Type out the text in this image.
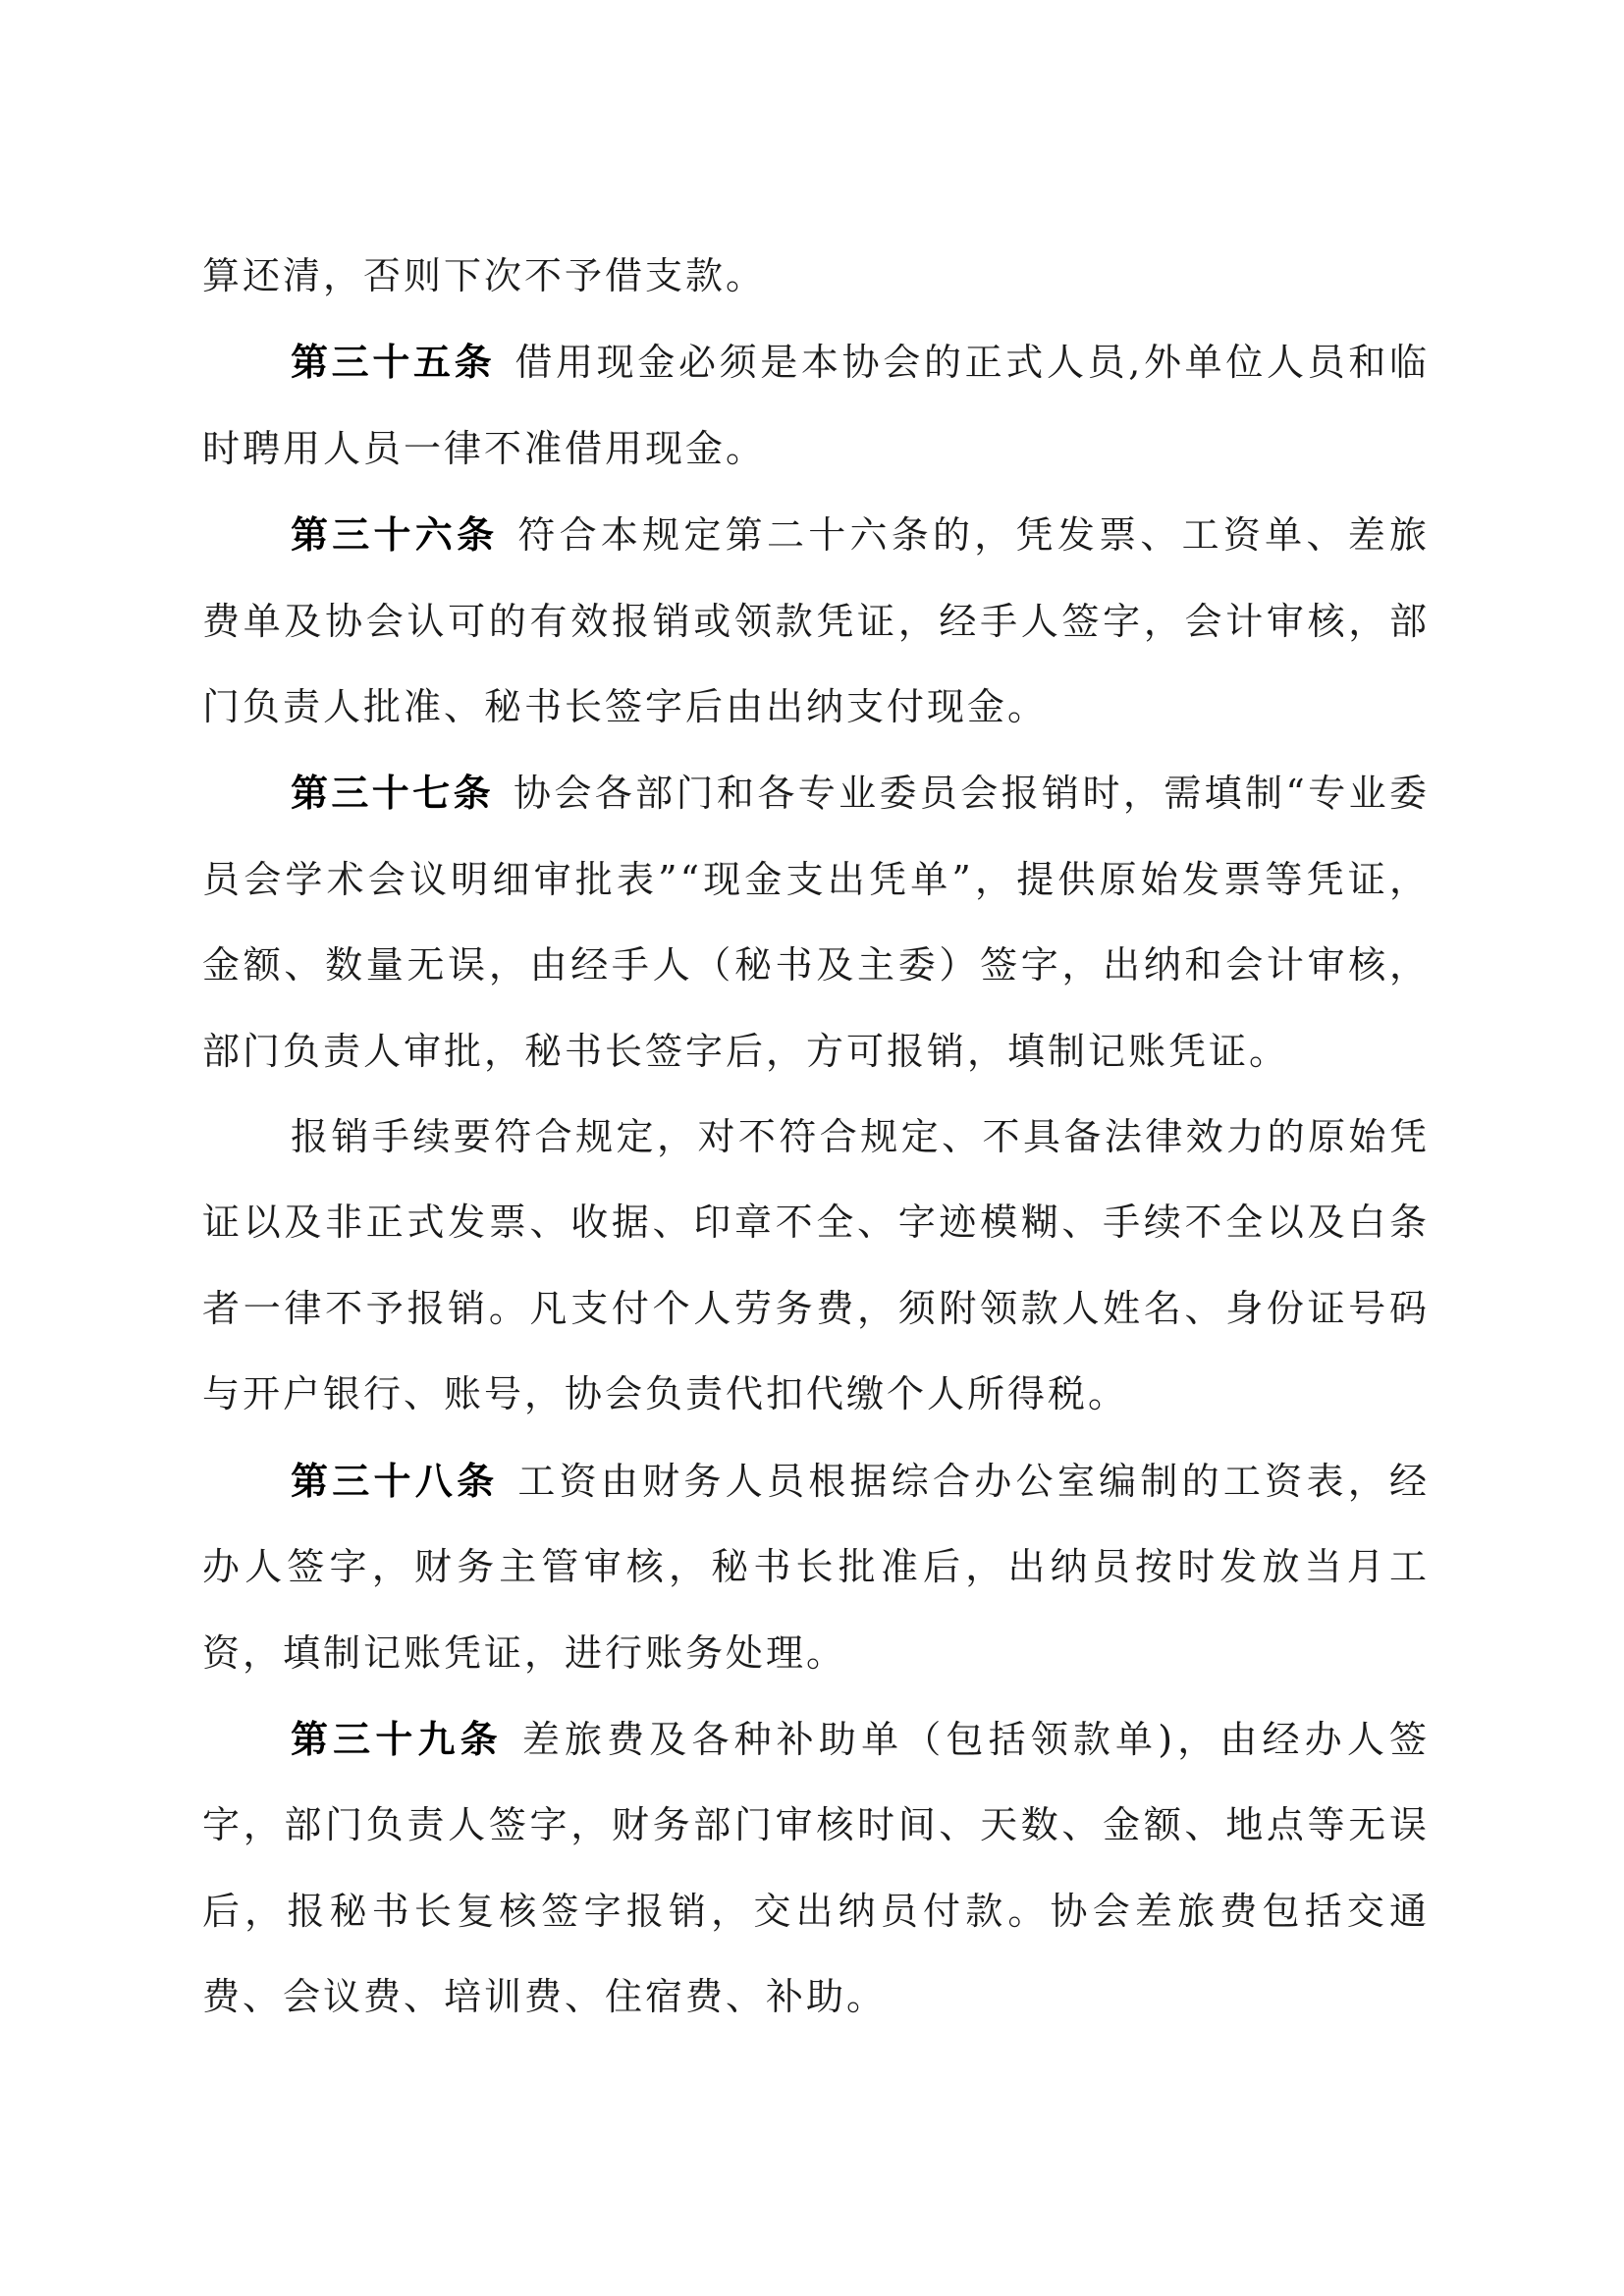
算还清，否则下次不予借支款。

第三十五条 借用现金必须是本协会的正式人员,外单位人员和临时聘用人员一律不准借用现金。

第三十六条 符合本规定第二十六条的，凭发票、工资单、差旅费单及协会认可的有效报销或领款凭证，经手人签字，会计审核，部门负责人批准、秘书长签字后由出纳支付现金。

第三十七条 协会各部门和各专业委员会报销时，需填制“专业委员会学术会议明细审批表”“现金支出凭单”，提供原始发票等凭证，金额、数量无误，由经手人（秘书及主委）签字，出纳和会计审核，部门负责人审批，秘书长签字后，方可报销，填制记账凭证。

报销手续要符合规定，对不符合规定、不具备法律效力的原始凭证以及非正式发票、收据、印章不全、字迹模糊、手续不全以及白条者一律不予报销。凡支付个人劳务费，须附领款人姓名、身份证号码与开户银行、账号，协会负责代扣代缴个人所得税。

第三十八条 工资由财务人员根据综合办公室编制的工资表，经办人签字，财务主管审核，秘书长批准后，出纳员按时发放当月工资，填制记账凭证，进行账务处理。

第三十九条 差旅费及各种补助单（包括领款单)，由经办人签字，部门负责人签字，财务部门审核时间、天数、金额、地点等无误后，报秘书长复核签字报销，交出纳员付款。协会差旅费包括交通费、会议费、培训费、住宿费、补助。
